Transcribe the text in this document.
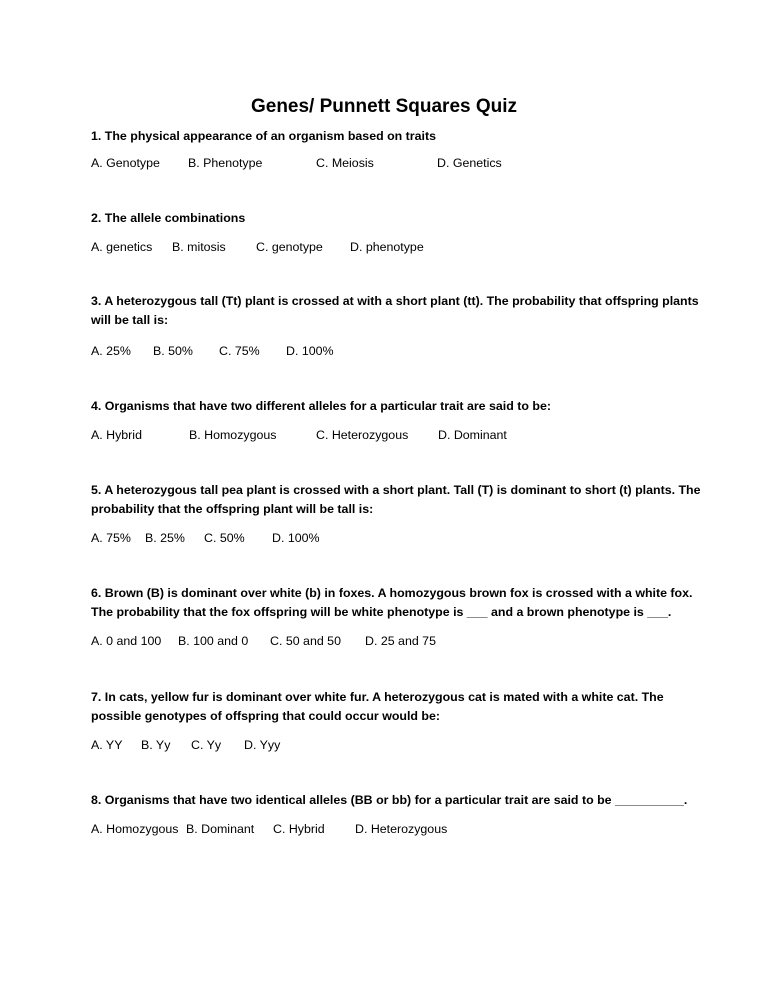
Genes/ Punnett Squares Quiz
1. The physical appearance of an organism based on traits
A. Genotype B. Phenotype	C. Meiosis	D. Genetics
2. The allele combinations
A. genetics B. mitosis C. genotype D. phenotype
3. A heterozygous tall (Tt) plant is crossed at with a short plant (tt). The probability that offspring plants will be tall is:
A. 25% B. 50% C. 75% D. 100%
4. Organisms that have two different alleles for a particular trait are said to be:
A. Hybrid	B. Homozygous	C. Heterozygous D. Dominant
5. A heterozygous tall pea plant is crossed with a short plant. Tall (T) is dominant to short (t) plants. The probability that the offspring plant will be tall is:
A. 75% B. 25% C. 50% D. 100%
6. Brown (B) is dominant over white (b) in foxes. A homozygous brown fox is crossed with a white fox. The probability that the fox offspring will be white phenotype is ___ and a brown phenotype is ___.
A. 0 and 100 B. 100 and 0 C. 50 and 50 D. 25 and 75
7. In cats, yellow fur is dominant over white fur. A heterozygous cat is mated with a white cat. The possible genotypes of offspring that could occur would be:
A. YY B. Yy C. Yy D. Yyy
8. Organisms that have two identical alleles (BB or bb) for a particular trait are said to be __________.
A. Homozygous B. Dominant C. Hybrid D. Heterozygous
